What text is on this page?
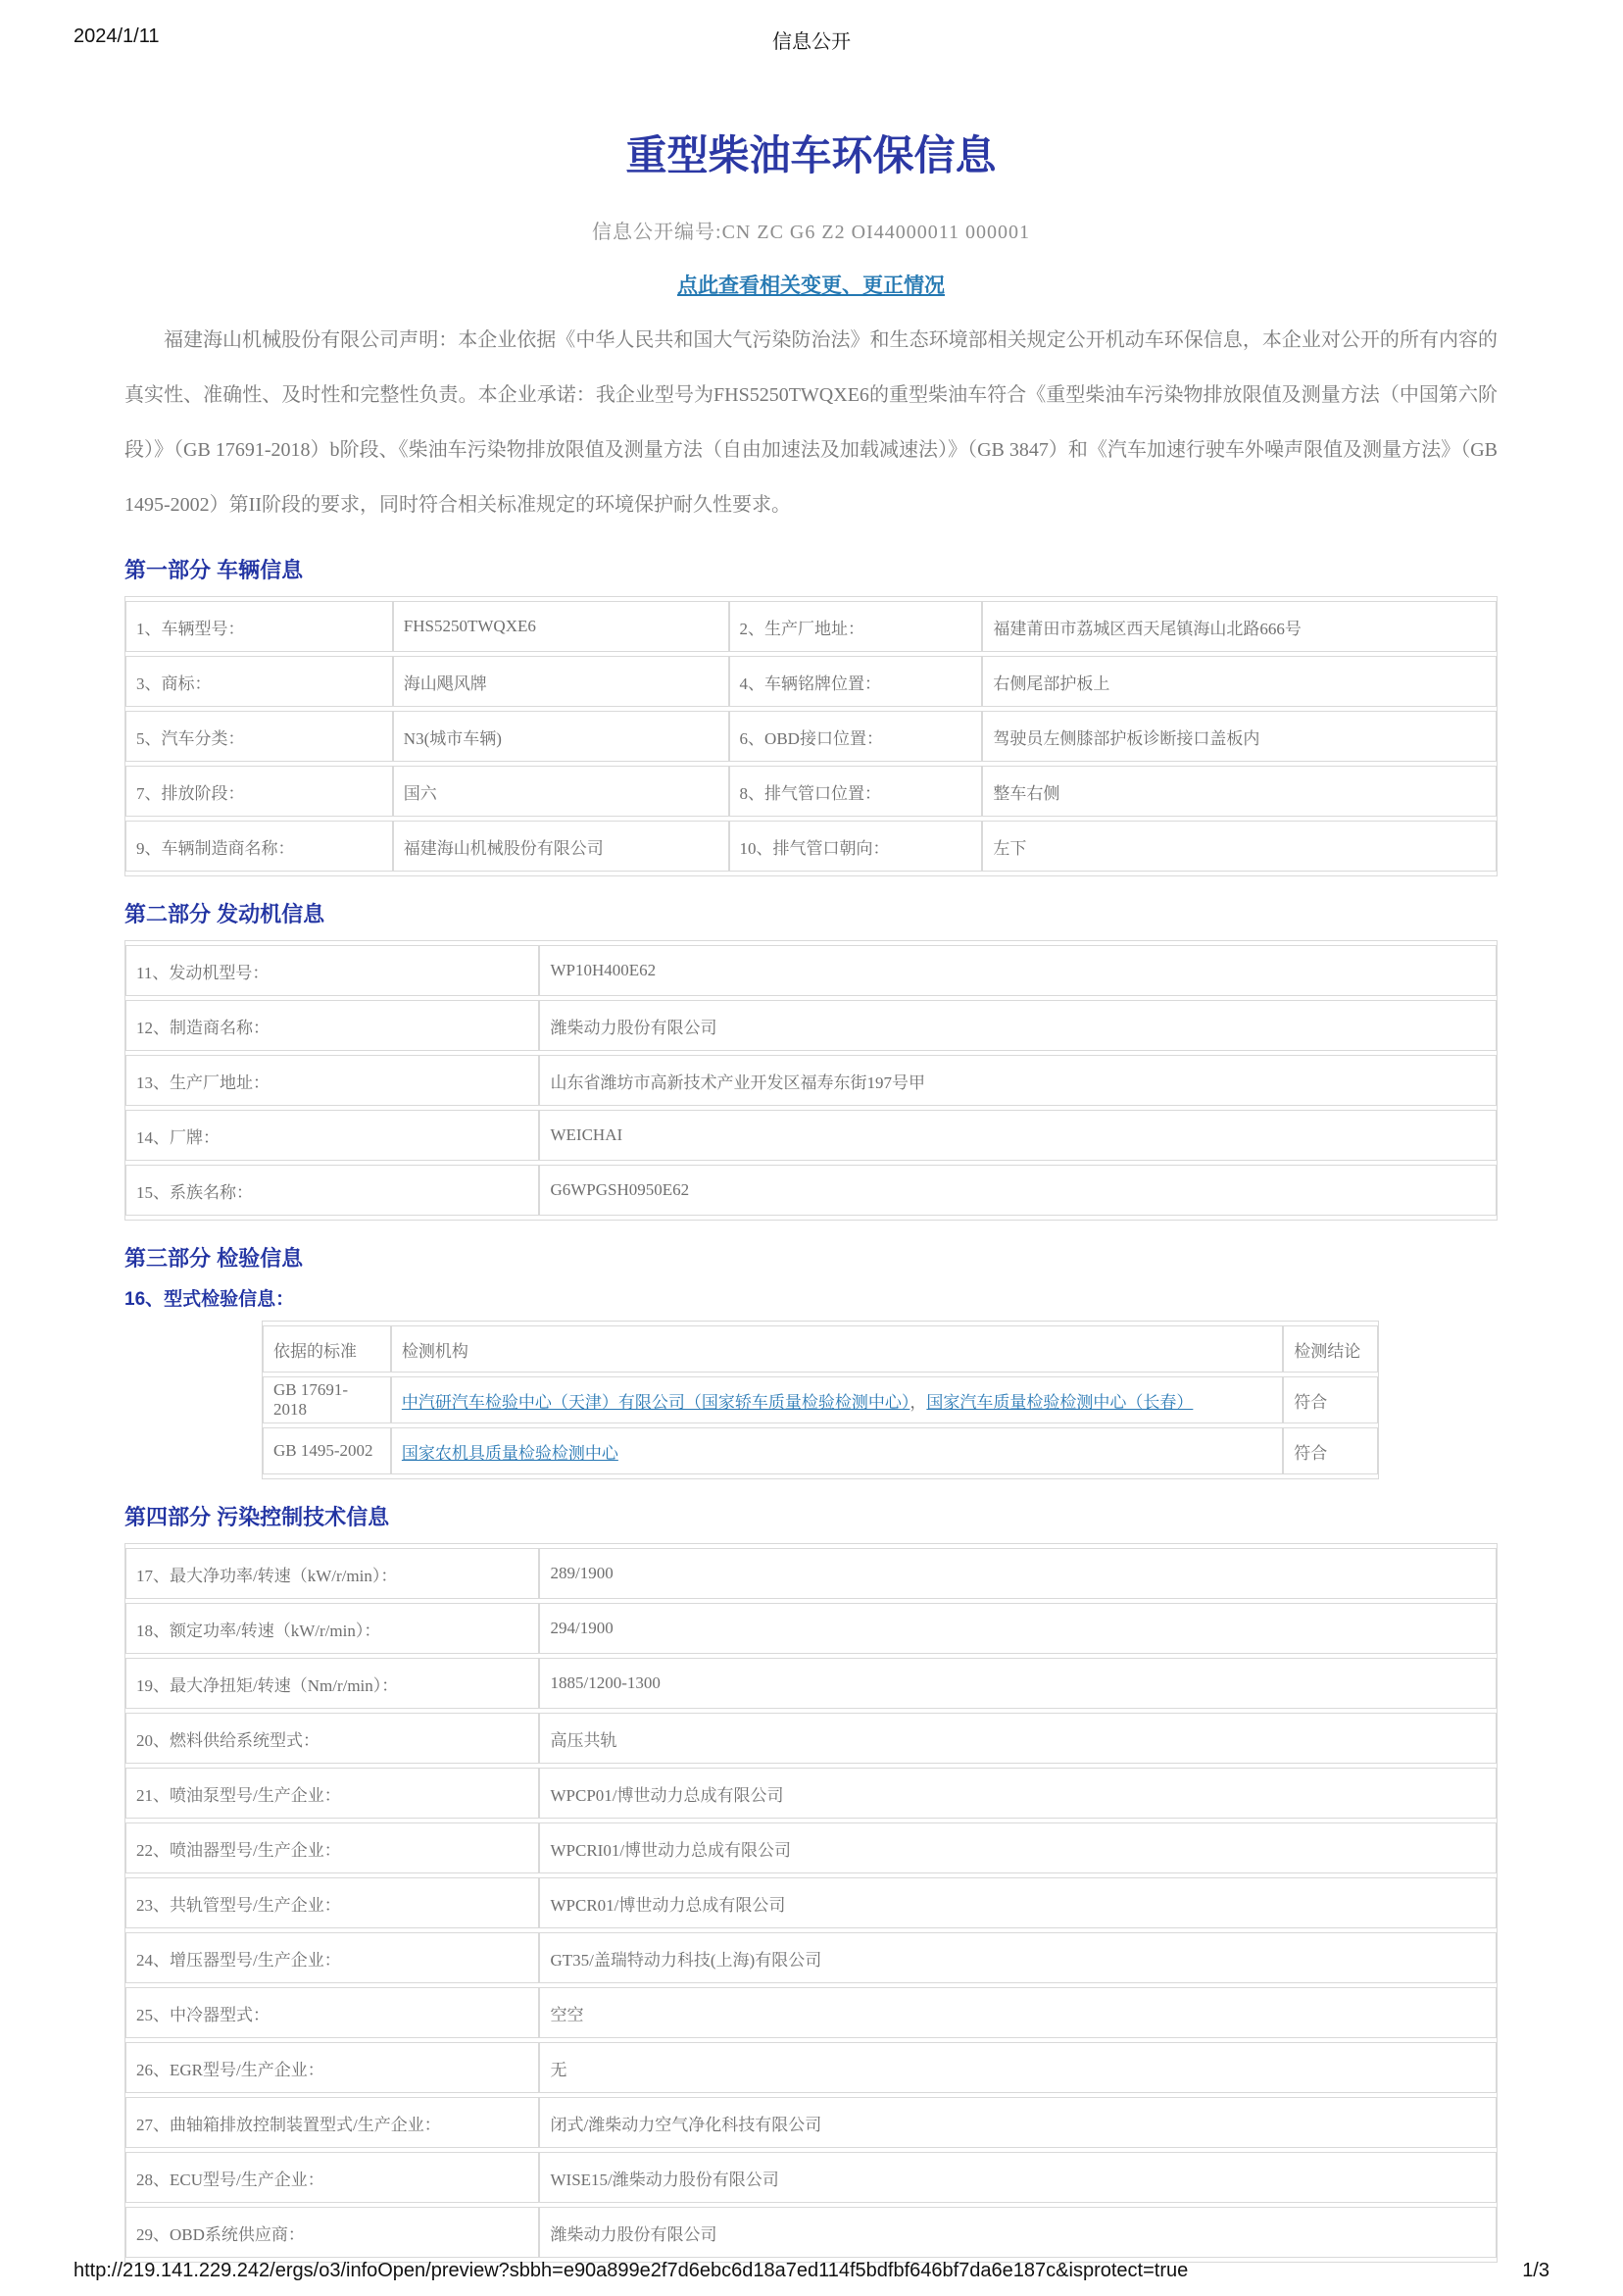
2024/1/11	信息公开
重型柴油车环保信息
信息公开编号:CN ZC G6 Z2 OI44000011 000001
点此查看相关变更、更正情况

福建海山机械股份有限公司声明：本企业依据《中华人民共和国大气污染防治法》和生态环境部相关规定公开机动车环保信息，本企业对公开的所有内容的真实性、准确性、及时性和完整性负责。本企业承诺：我企业型号为FHS5250TWQXE6的重型柴油车符合《重型柴油车污染物排放限值及测量方法（中国第六阶段）》（GB 17691-2018）b阶段、《柴油车污染物排放限值及测量方法（自由加速法及加载减速法）》（GB 3847）和《汽车加速行驶车外噪声限值及测量方法》（GB 1495-2002）第II阶段的要求，同时符合相关标准规定的环境保护耐久性要求。

第一部分 车辆信息
1、车辆型号：	FHS5250TWQXE6	2、生产厂地址：	福建莆田市荔城区西天尾镇海山北路666号
3、商标：	海山飓风牌	4、车辆铭牌位置：	右侧尾部护板上
5、汽车分类：	N3(城市车辆)	6、OBD接口位置：	驾驶员左侧膝部护板诊断接口盖板内
7、排放阶段：	国六	8、排气管口位置：	整车右侧
9、车辆制造商名称：	福建海山机械股份有限公司	10、排气管口朝向：	左下
第二部分 发动机信息
11、发动机型号：	WP10H400E62
12、制造商名称：	潍柴动力股份有限公司
13、生产厂地址：	山东省潍坊市高新技术产业开发区福寿东街197号甲
14、厂牌：	WEICHAI
15、系族名称：	G6WPGSH0950E62
第三部分 检验信息
16、型式检验信息：
依据的标准	检测机构	检测结论
GB 17691-2018	中汽研汽车检验中心（天津）有限公司（国家轿车质量检验检测中心），国家汽车质量检验检测中心（长春）	符合
GB 1495-2002	国家农机具质量检验检测中心	符合
第四部分 污染控制技术信息
17、最大净功率/转速（kW/r/min）：	289/1900
18、额定功率/转速（kW/r/min）：	294/1900
19、最大净扭矩/转速（Nm/r/min）：	1885/1200-1300
20、燃料供给系统型式：	高压共轨
21、喷油泵型号/生产企业：	WPCP01/博世动力总成有限公司
22、喷油器型号/生产企业：	WPCRI01/博世动力总成有限公司
23、共轨管型号/生产企业：	WPCR01/博世动力总成有限公司
24、增压器型号/生产企业：	GT35/盖瑞特动力科技(上海)有限公司
25、中冷器型式：	空空
26、EGR型号/生产企业：	无
27、曲轴箱排放控制装置型式/生产企业：	闭式/潍柴动力空气净化科技有限公司
28、ECU型号/生产企业：	WISE15/潍柴动力股份有限公司
29、OBD系统供应商：	潍柴动力股份有限公司
http://219.141.229.242/ergs/o3/infoOpen/preview?sbbh=e90a899e2f7d6ebc6d18a7ed114f5bdfbf646bf7da6e187c&isprotect=true	1/3
